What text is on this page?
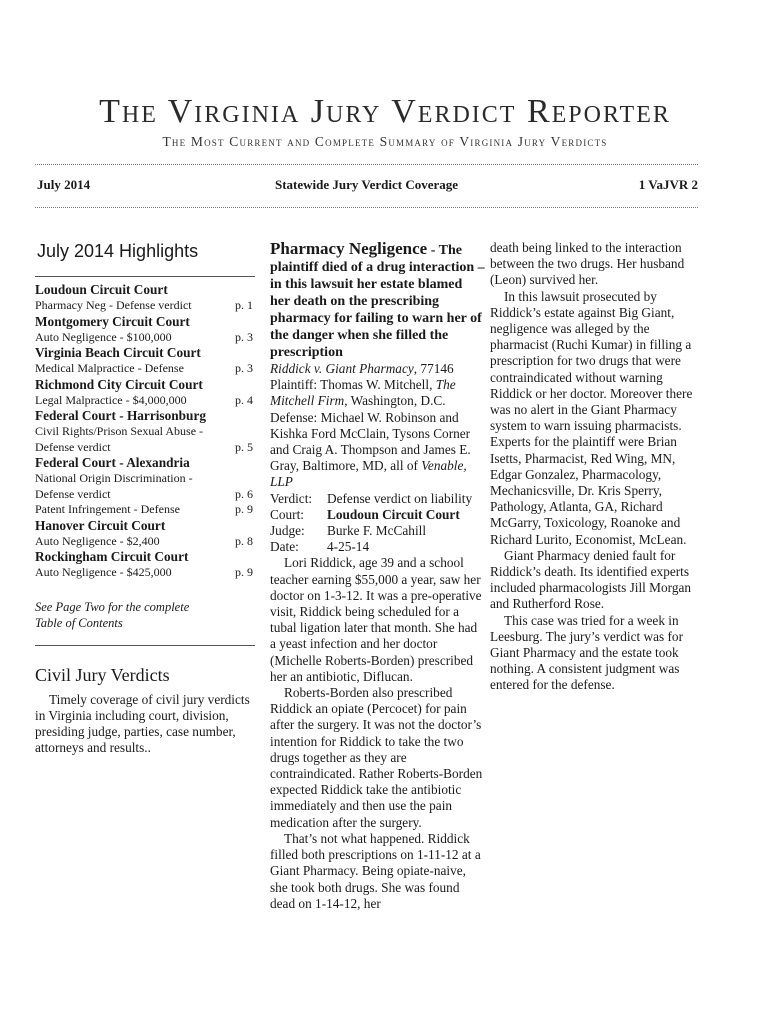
The Virginia Jury Verdict Reporter
The Most Current and Complete Summary of Virginia Jury Verdicts
July 2014	Statewide Jury Verdict Coverage	1 VaJVR 2
July 2014 Highlights
Loudoun Circuit Court
Pharmacy Neg - Defense verdict	p. 1
Montgomery Circuit Court
Auto Negligence - $100,000	p. 3
Virginia Beach Circuit Court
Medical Malpractice - Defense	p. 3
Richmond City Circuit Court
Legal Malpractice - $4,000,000	p. 4
Federal Court - Harrisonburg
Civil Rights/Prison Sexual Abuse - Defense verdict	p. 5
Federal Court - Alexandria
National Origin Discrimination - Defense verdict	p. 6
Patent Infringement - Defense	p. 9
Hanover Circuit Court
Auto Negligence - $2,400	p. 8
Rockingham Circuit Court
Auto Negligence - $425,000	p. 9
See Page Two for the complete Table of Contents
Civil Jury Verdicts

Timely coverage of civil jury verdicts in Virginia including court, division, presiding judge, parties, case number, attorneys and results..

Pharmacy Negligence - The plaintiff died of a drug interaction – in this lawsuit her estate blamed her death on the prescribing pharmacy for failing to warn her of the danger when she filled the prescription

Riddick v. Giant Pharmacy, 77146
Plaintiff: Thomas W. Mitchell, The Mitchell Firm, Washington, D.C.
Defense: Michael W. Robinson and Kishka Ford McClain, Tysons Corner and Craig A. Thompson and James E. Gray, Baltimore, MD, all of Venable, LLP
Verdict:	Defense verdict on liability
Court:	Loudoun Circuit Court
Judge:	Burke F. McCahill
Date:	4-25-14

Lori Riddick, age 39 and a school teacher earning $55,000 a year, saw her doctor on 1-3-12. It was a pre-operative visit, Riddick being scheduled for a tubal ligation later that month. She had a yeast infection and her doctor (Michelle Roberts-Borden) prescribed her an antibiotic, Diflucan.

Roberts-Borden also prescribed Riddick an opiate (Percocet) for pain after the surgery. It was not the doctor’s intention for Riddick to take the two drugs together as they are contraindicated. Rather Roberts-Borden expected Riddick take the antibiotic immediately and then use the pain medication after the surgery.

That’s not what happened. Riddick filled both prescriptions on 1-11-12 at a Giant Pharmacy. Being opiate-naive, she took both drugs. She was found dead on 1-14-12, her

death being linked to the interaction between the two drugs. Her husband (Leon) survived her.

In this lawsuit prosecuted by Riddick’s estate against Big Giant, negligence was alleged by the pharmacist (Ruchi Kumar) in filling a prescription for two drugs that were contraindicated without warning Riddick or her doctor. Moreover there was no alert in the Giant Pharmacy system to warn issuing pharmacists. Experts for the plaintiff were Brian Isetts, Pharmacist, Red Wing, MN, Edgar Gonzalez, Pharmacology, Mechanicsville, Dr. Kris Sperry, Pathology, Atlanta, GA, Richard McGarry, Toxicology, Roanoke and Richard Lurito, Economist, McLean.

Giant Pharmacy denied fault for Riddick’s death. Its identified experts included pharmacologists Jill Morgan and Rutherford Rose.

This case was tried for a week in Leesburg. The jury’s verdict was for Giant Pharmacy and the estate took nothing. A consistent judgment was entered for the defense.
